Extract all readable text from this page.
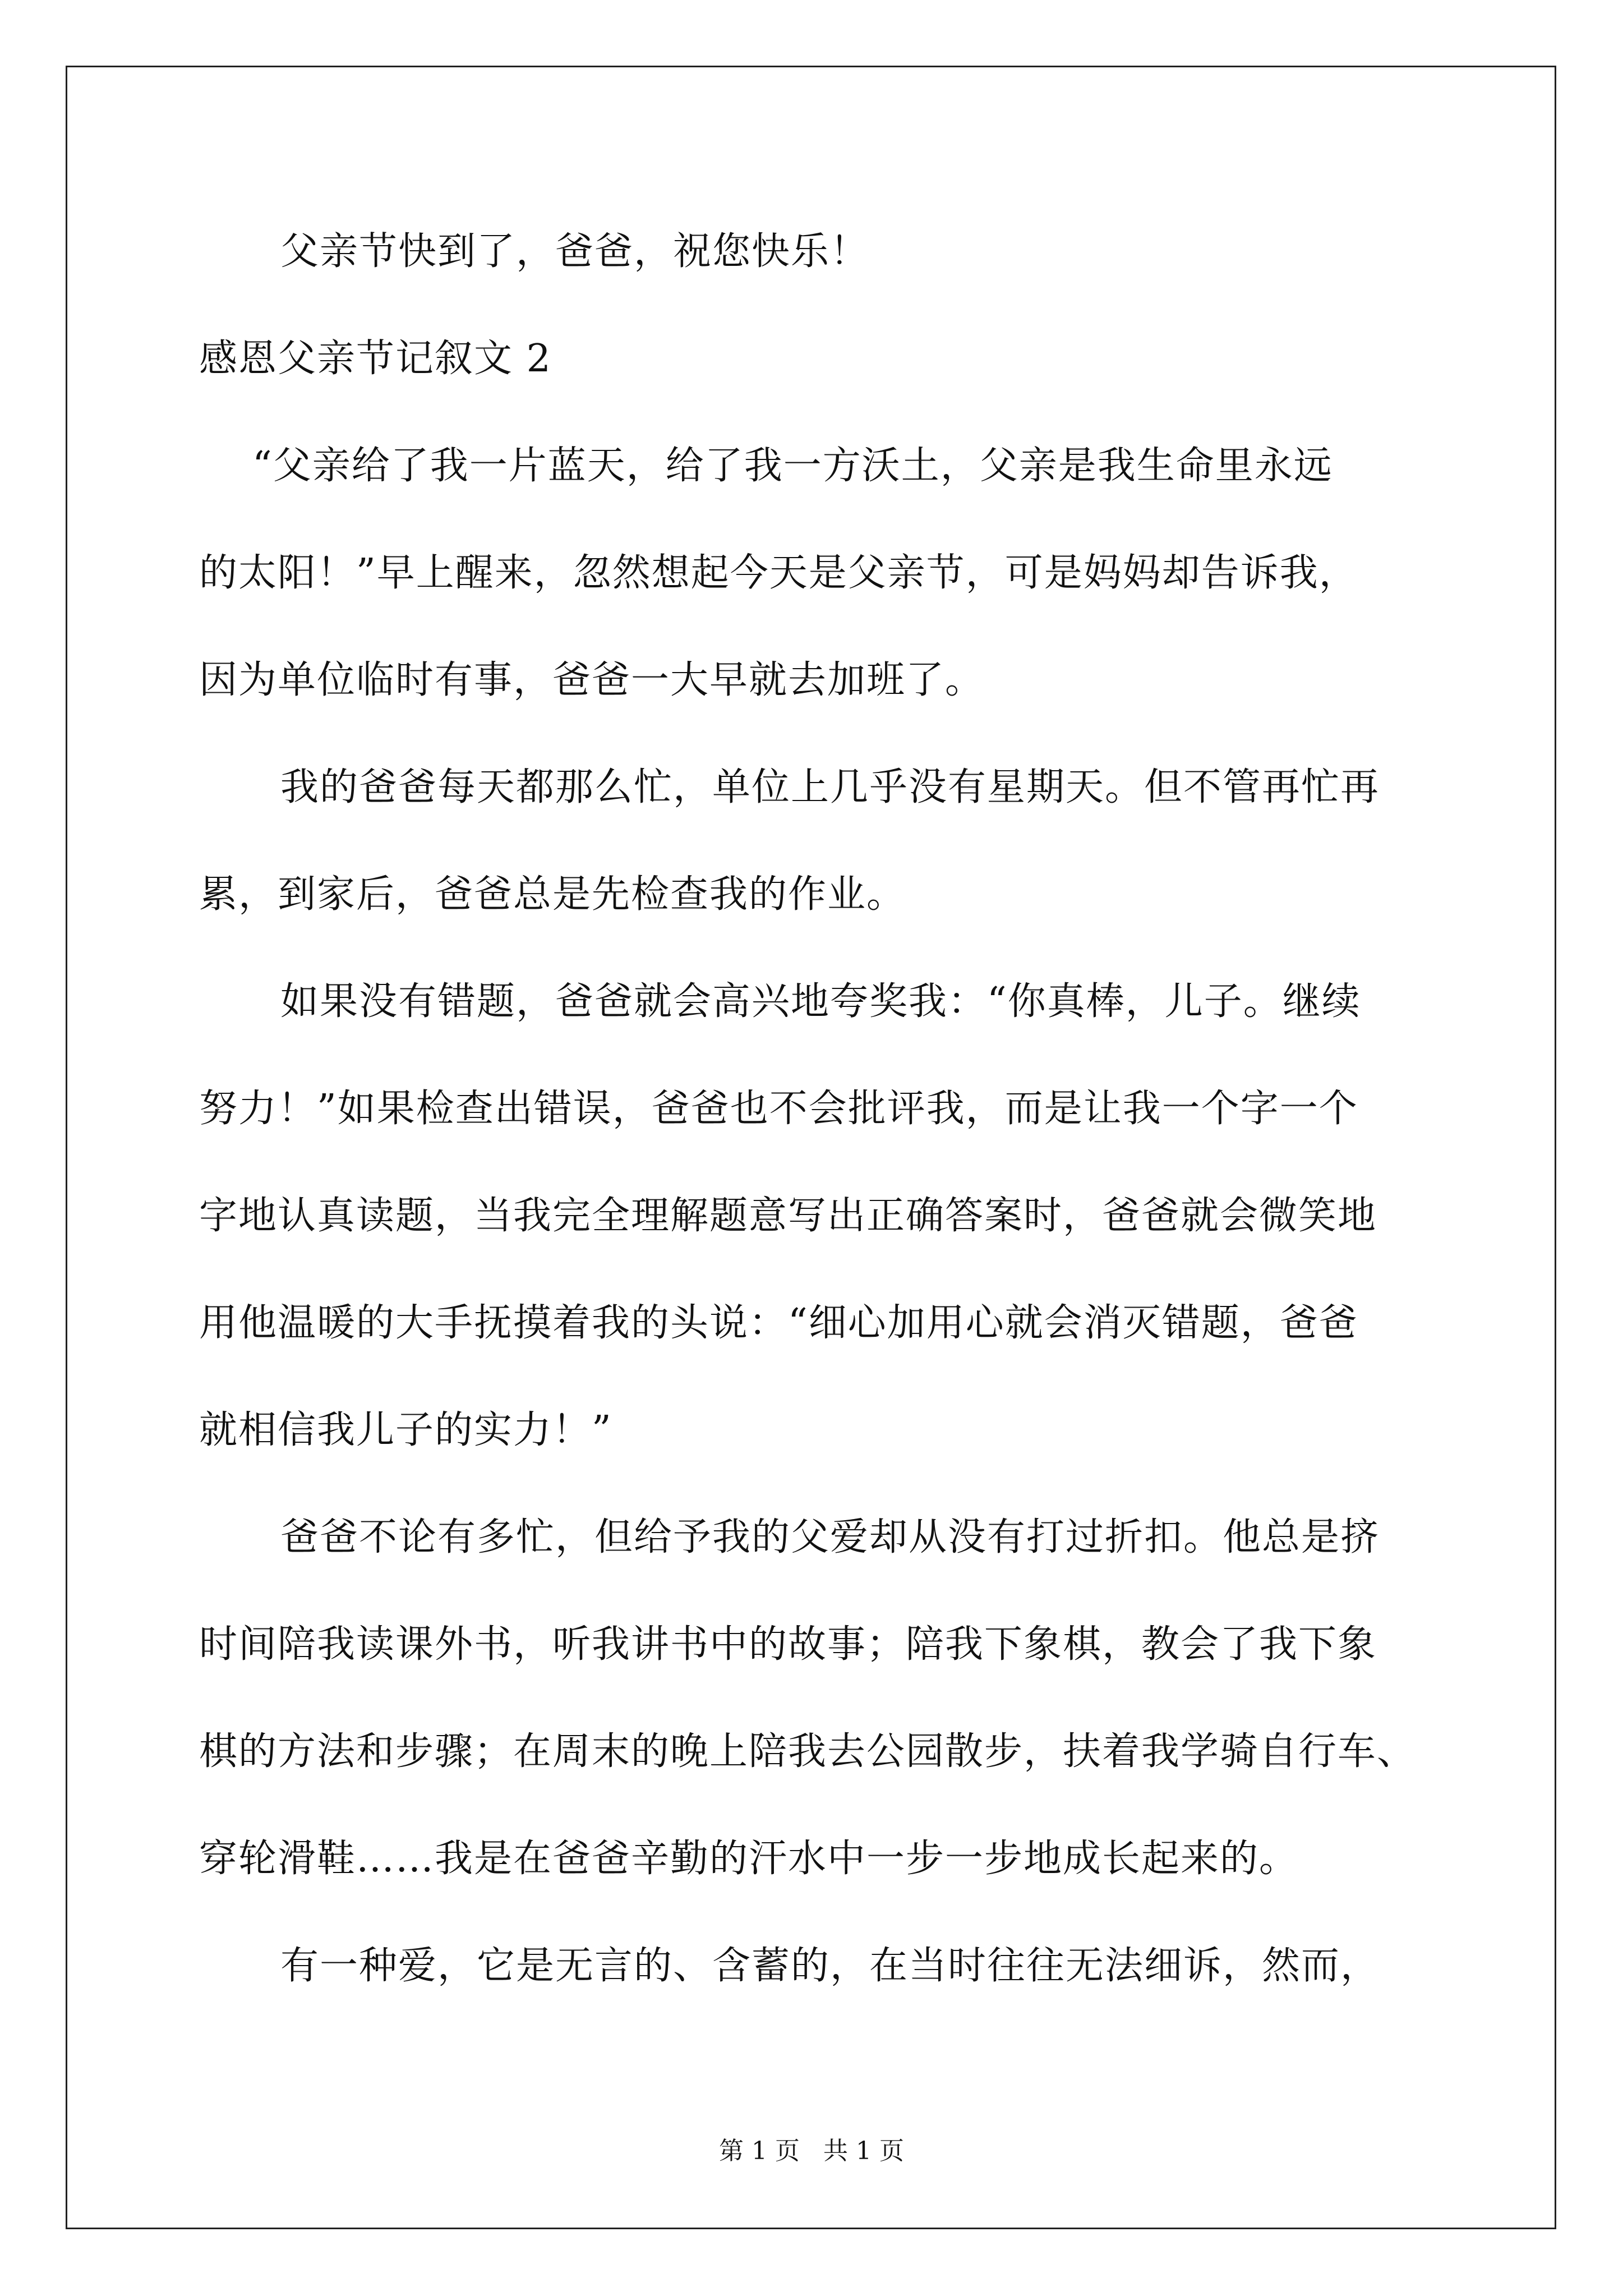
父亲节快到了，爸爸，祝您快乐！
感恩父亲节记叙文 2
“父亲给了我一片蓝天，给了我一方沃土，父亲是我生命里永远
的太阳！”早上醒来，忽然想起今天是父亲节，可是妈妈却告诉我，
因为单位临时有事，爸爸一大早就去加班了。
我的爸爸每天都那么忙，单位上几乎没有星期天。但不管再忙再
累，到家后，爸爸总是先检查我的作业。
如果没有错题，爸爸就会高兴地夸奖我：“你真棒，儿子。继续
努力！”如果检查出错误，爸爸也不会批评我，而是让我一个字一个
字地认真读题，当我完全理解题意写出正确答案时，爸爸就会微笑地
用他温暖的大手抚摸着我的头说：“细心加用心就会消灭错题，爸爸
就相信我儿子的实力！”
爸爸不论有多忙，但给予我的父爱却从没有打过折扣。他总是挤
时间陪我读课外书，听我讲书中的故事；陪我下象棋，教会了我下象
棋的方法和步骤；在周末的晚上陪我去公园散步，扶着我学骑自行车、
穿轮滑鞋……我是在爸爸辛勤的汗水中一步一步地成长起来的。
有一种爱，它是无言的、含蓄的，在当时往往无法细诉，然而，
第 1 页   共 1 页
